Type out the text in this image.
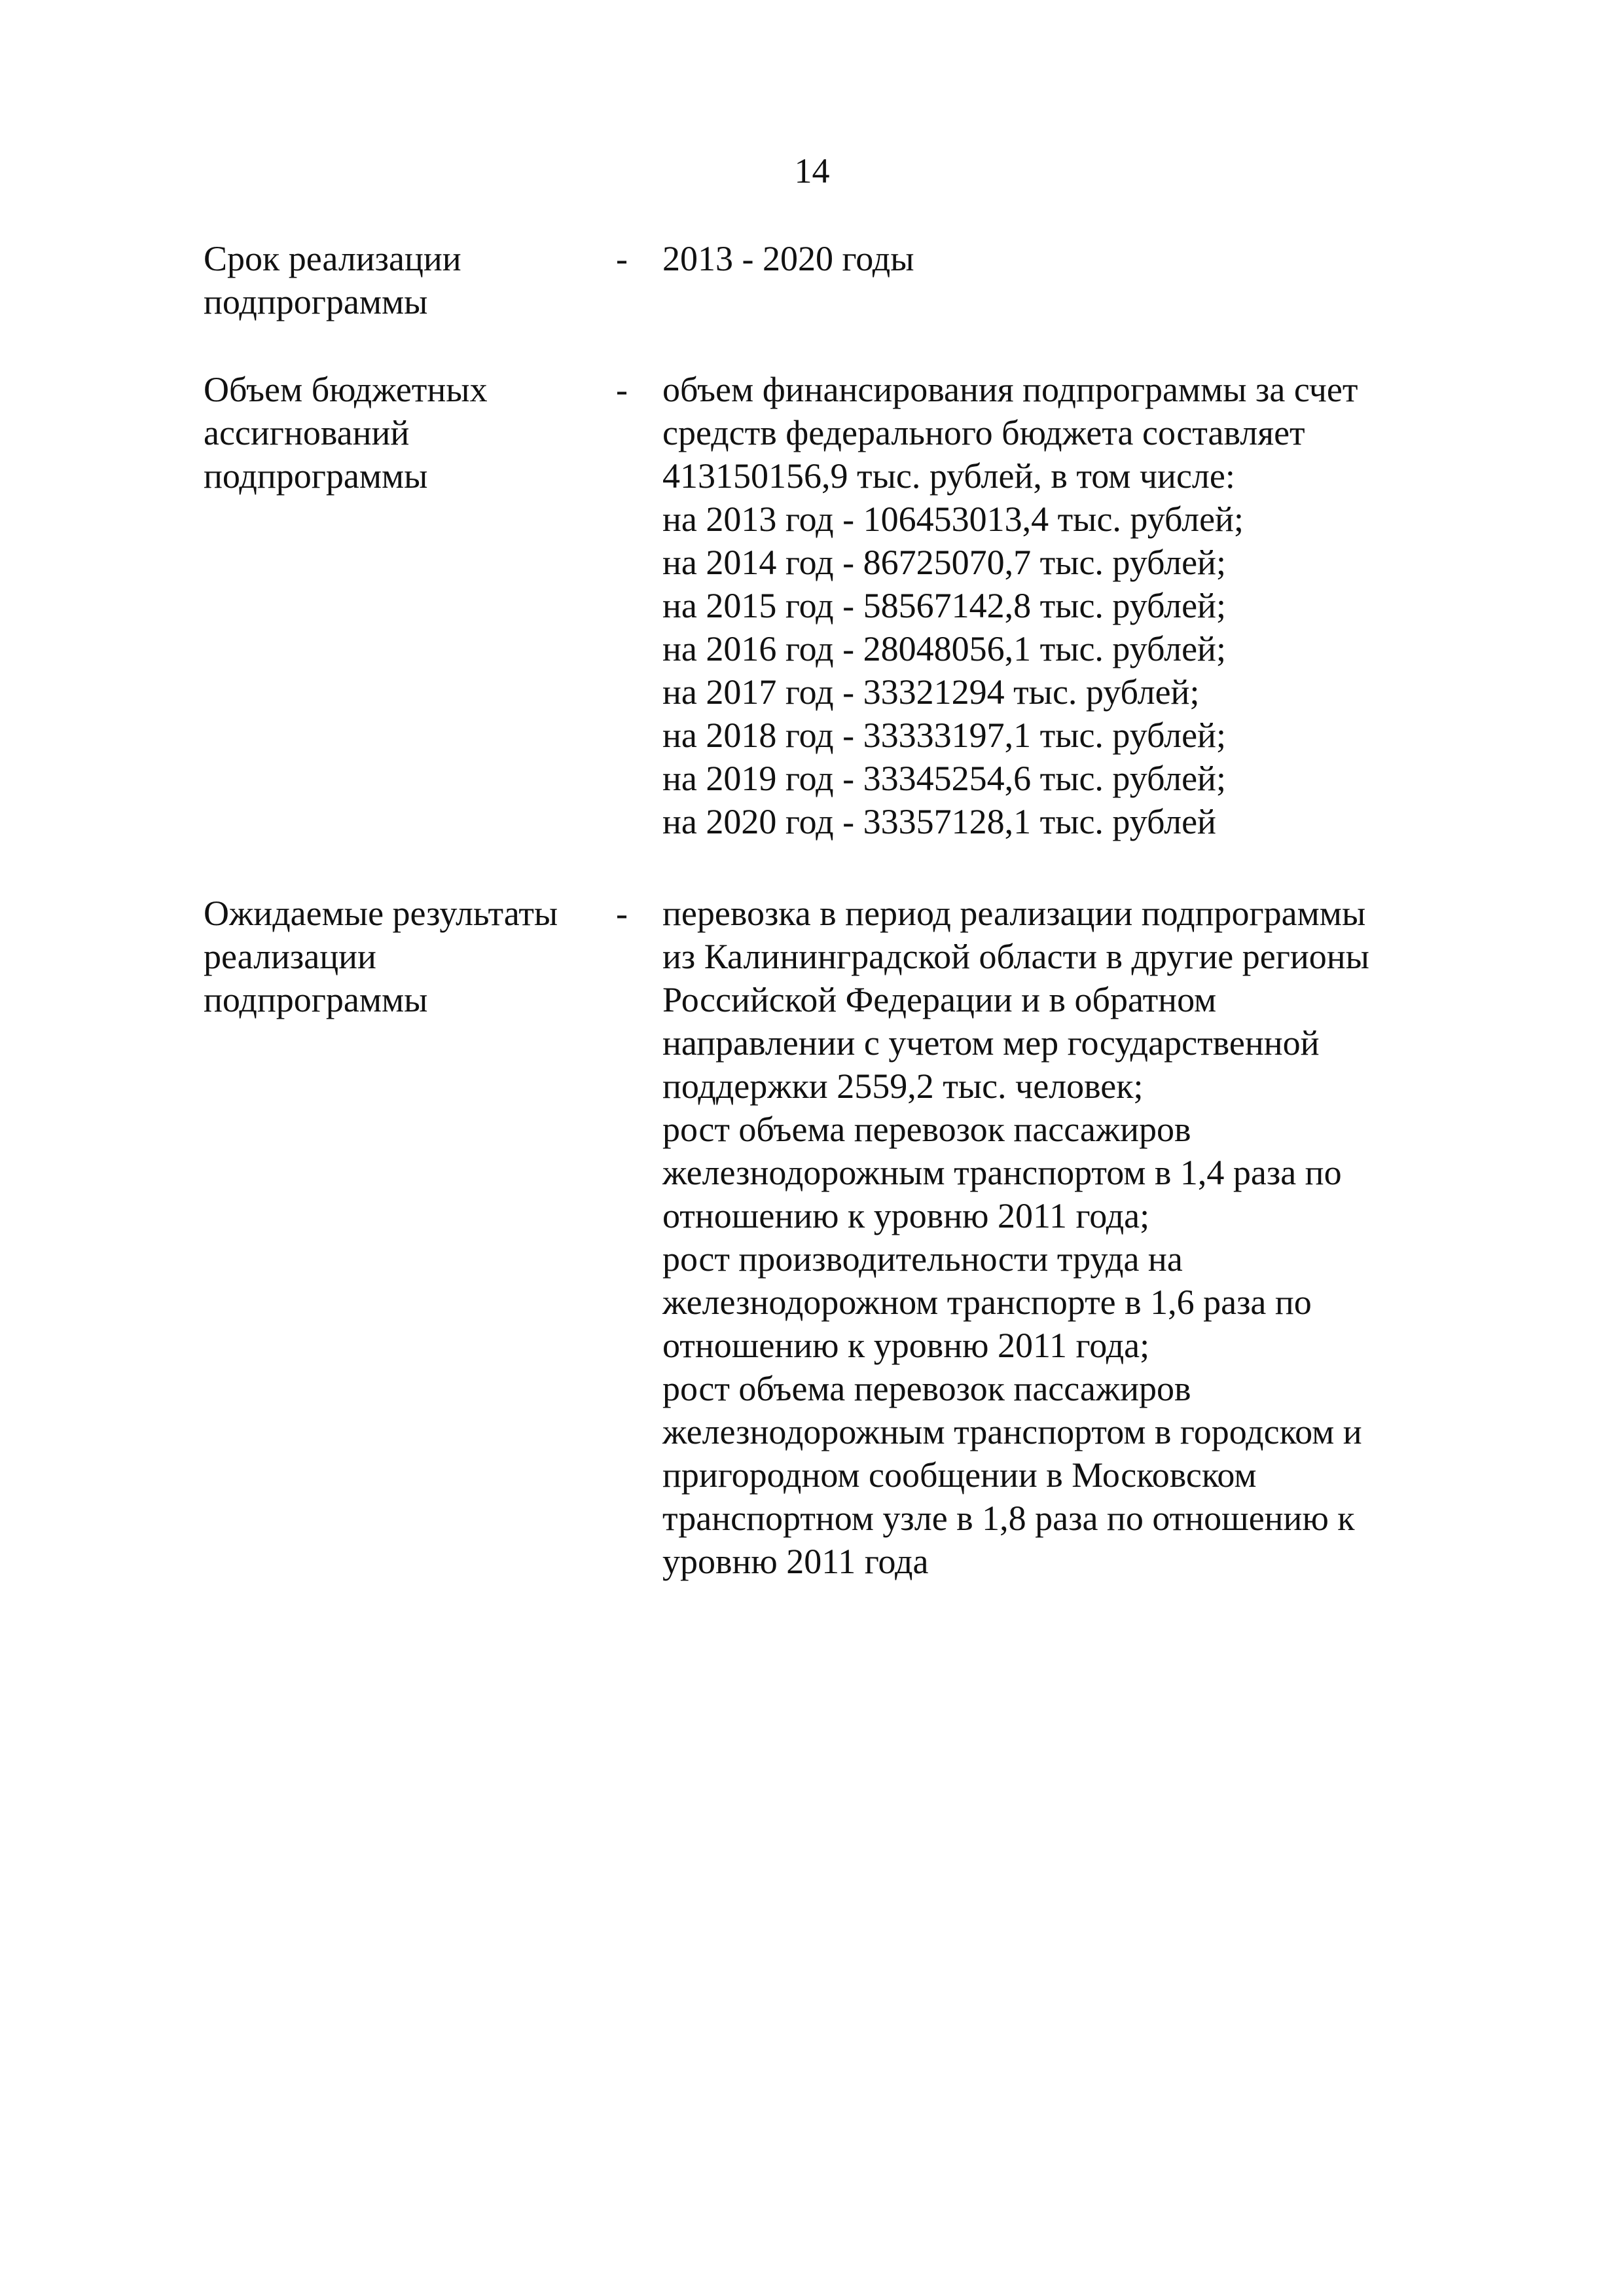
14
Срок реализации
подпрограммы
- 2013 - 2020 годы
Объем бюджетных
ассигнований
подпрограммы
- объем финансирования подпрограммы за счет
средств федерального бюджета составляет
413150156,9 тыс. рублей, в том числе:
на 2013 год - 106453013,4 тыс. рублей;
на 2014 год - 86725070,7 тыс. рублей;
на 2015 год - 58567142,8 тыс. рублей;
на 2016 год - 28048056,1 тыс. рублей;
на 2017 год - 33321294 тыс. рублей;
на 2018 год - 33333197,1 тыс. рублей;
на 2019 год - 33345254,6 тыс. рублей;
на 2020 год - 33357128,1 тыс. рублей
Ожидаемые результаты
реализации
подпрограммы
- перевозка в период реализации подпрограммы
из Калининградской области в другие регионы
Российской Федерации и в обратном
направлении с учетом мер государственной
поддержки 2559,2 тыс. человек;
рост объема перевозок пассажиров
железнодорожным транспортом в 1,4 раза по
отношению к уровню 2011 года;
рост производительности труда на
железнодорожном транспорте в 1,6 раза по
отношению к уровню 2011 года;
рост объема перевозок пассажиров
железнодорожным транспортом в городском и
пригородном сообщении в Московском
транспортном узле в 1,8 раза по отношению к
уровню 2011 года
